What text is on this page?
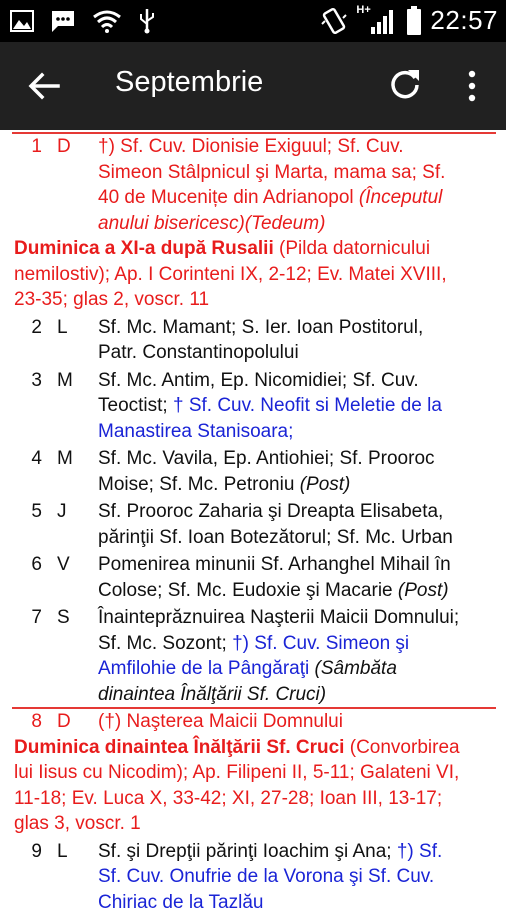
H+ 22:57
Septembrie
1 D	†) Sf. Cuv. Dionisie Exiguul; Sf. Cuv.
Simeon Stâlpnicul şi Marta, mama sa; Sf.
40 de Mucenițe din Adrianopol (Începutul
anului bisericesc)(Tedeum)
Duminica a XI-a după Rusalii (Pilda datornicului
nemilostiv); Ap. I Corinteni IX, 2-12; Ev. Matei XVIII,
23-35; glas 2, voscr. 11
2 L	Sf. Mc. Mamant; S. Ier. Ioan Postitorul,
Patr. Constantinopolului
3 M	Sf. Mc. Antim, Ep. Nicomidiei; Sf. Cuv.
Teoctist; † Sf. Cuv. Neofit si Meletie de la
Manastirea Stanisoara;
4 M	Sf. Mc. Vavila, Ep. Antiohiei; Sf. Prooroc
Moise; Sf. Mc. Petroniu (Post)
5 J	Sf. Prooroc Zaharia şi Dreapta Elisabeta,
părinţii Sf. Ioan Botezătorul; Sf. Mc. Urban
6 V	Pomenirea minunii Sf. Arhanghel Mihail în
Colose; Sf. Mc. Eudoxie şi Macarie (Post)
7 S	Înainteprăznuirea Naşterii Maicii Domnului;
Sf. Mc. Sozont; †) Sf. Cuv. Simeon şi
Amfilohie de la Pângăraţi (Sâmbăta
dinaintea Înălţării Sf. Cruci)
8 D	(†) Naşterea Maicii Domnului
Duminica dinaintea Înălţării Sf. Cruci (Convorbirea
lui Iisus cu Nicodim); Ap. Filipeni II, 5-11; Galateni VI,
11-18; Ev. Luca X, 33-42; XI, 27-28; Ioan III, 13-17;
glas 3, voscr. 1
9 L	Sf. şi Drepţii părinţi Ioachim şi Ana; †) Sf.
Sf. Cuv. Onufrie de la Vorona şi Sf. Cuv.
Chiriac de la Tazlău
